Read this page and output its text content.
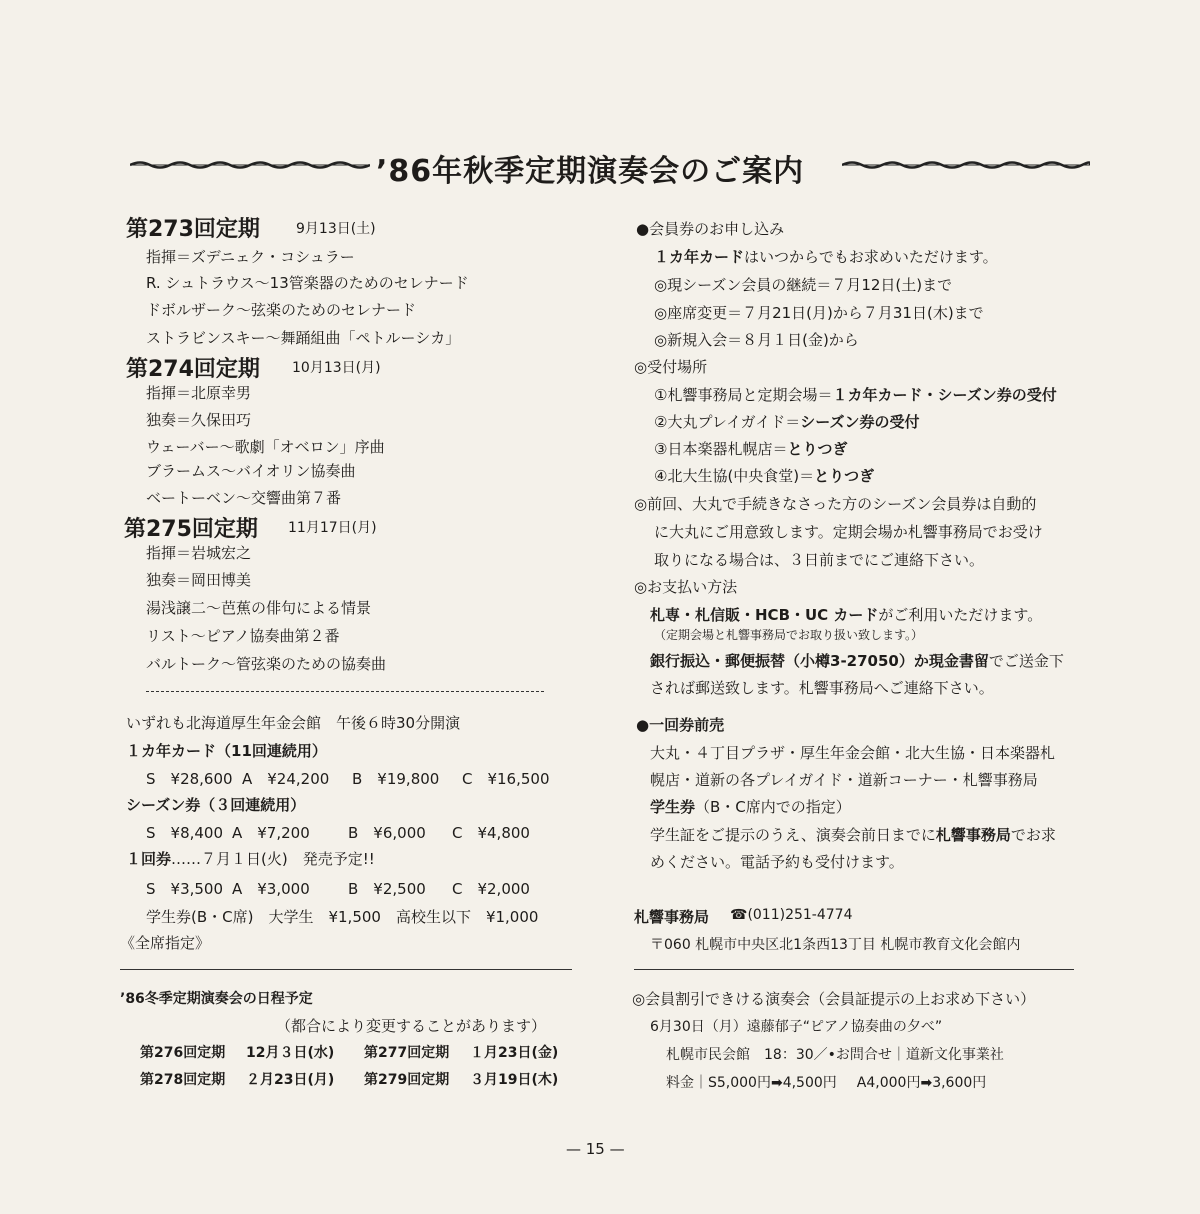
’86年秋季定期演奏会のご案内
第273回定期	9月13日(土)
指揮＝ズデニェク・コシュラー
R. シュトラウス～13管楽器のためのセレナード
ドボルザーク～弦楽のためのセレナード
ストラビンスキー～舞踊組曲「ペトルーシカ」
第274回定期 10月13日(月)
指揮＝北原幸男
独奏＝久保田巧
ウェーバー～歌劇「オベロン」序曲
ブラームス～バイオリン協奏曲
ベートーベン～交響曲第７番
第275回定期 11月17日(月)
指揮＝岩城宏之
独奏＝岡田博美
湯浅譲二～芭蕉の俳句による情景
リスト～ピアノ協奏曲第２番
バルトーク～管弦楽のための協奏曲
いずれも北海道厚生年金会館　午後６時30分開演
１カ年カード（11回連続用）
S　¥28,600 A　¥24,200	B　¥19,800	C　¥16,500
シーズン券（３回連続用）
S　¥8,400 A　¥7,200	B　¥6,000	C　¥4,800
１回券……７月１日(火)　発売予定!!
S　¥3,500 A　¥3,000	B　¥2,500	C　¥2,000
学生券(B・C席)　大学生　¥1,500　高校生以下　¥1,000
《全席指定》
’86冬季定期演奏会の日程予定
（都合により変更することがあります）
第276回定期 12月３日(水) 第277回定期 １月23日(金)
第278回定期 ２月23日(月) 第279回定期 ３月19日(木)
●会員券のお申し込み
１カ年カードはいつからでもお求めいただけます。
◎現シーズン会員の継続＝７月12日(土)まで
◎座席変更＝７月21日(月)から７月31日(木)まで
◎新規入会＝８月１日(金)から
◎受付場所
①札響事務局と定期会場＝１カ年カード・シーズン券の受付
②大丸プレイガイド＝シーズン券の受付
③日本楽器札幌店＝とりつぎ
④北大生協(中央食堂)＝とりつぎ
◎前回、大丸で手続きなさった方のシーズン会員券は自動的
に大丸にご用意致します。定期会場か札響事務局でお受け
取りになる場合は、３日前までにご連絡下さい。
◎お支払い方法
札専・札信販・HCB・UC カードがご利用いただけます。
（定期会場と札響事務局でお取り扱い致します。）
銀行振込・郵便振替（小樽3-27050）か現金書留でご送金下
されば郵送致します。札響事務局へご連絡下さい。
●一回券前売
大丸・４丁目プラザ・厚生年金会館・北大生協・日本楽器札
幌店・道新の各プレイガイド・道新コーナー・札響事務局
学生券（B・C席内での指定）
学生証をご提示のうえ、演奏会前日までに札響事務局でお求
めください。電話予約も受付けます。
札響事務局 ☎(011)251-4774
〒060 札幌市中央区北1条西13丁目 札幌市教育文化会館内
◎会員割引できける演奏会（会員証提示の上お求め下さい）
6月30日（月）遠藤郁子“ピアノ協奏曲の夕べ”
札幌市民会館　18：30／•お問合せ｜道新文化事業社
料金｜S5,000円➡4,500円 A4,000円➡3,600円
— 15 —
